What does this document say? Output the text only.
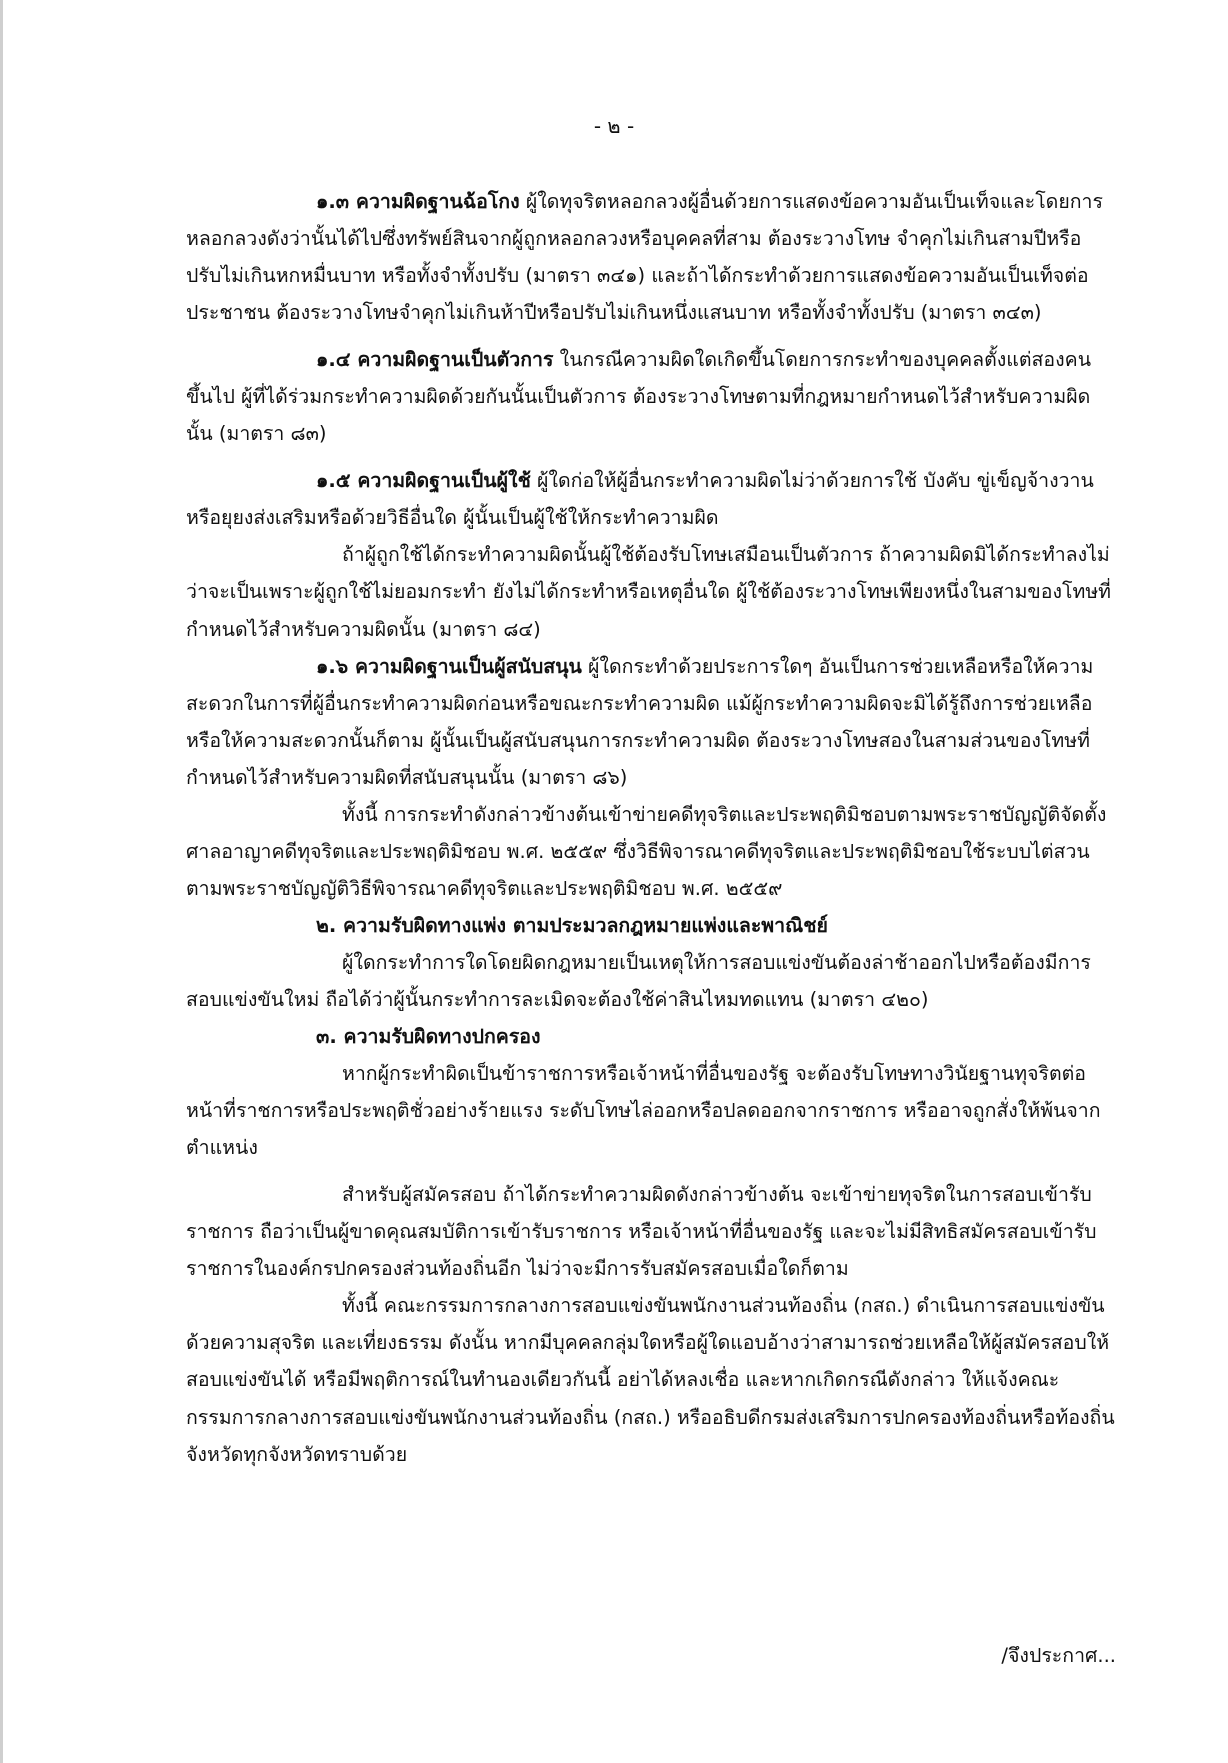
- ๒ -

๑.๓ ความผิดฐานฉ้อโกง ผู้ใดทุจริตหลอกลวงผู้อื่นด้วยการแสดงข้อความอันเป็นเท็จและโดยการหลอกลวงดังว่านั้นได้ไปซึ่งทรัพย์สินจากผู้ถูกหลอกลวงหรือบุคคลที่สาม ต้องระวางโทษ จำคุกไม่เกินสามปีหรือปรับไม่เกินหกหมื่นบาท หรือทั้งจำทั้งปรับ (มาตรา ๓๔๑) และถ้าได้กระทำด้วยการแสดงข้อความอันเป็นเท็จต่อประชาชน ต้องระวางโทษจำคุกไม่เกินห้าปีหรือปรับไม่เกินหนึ่งแสนบาท หรือทั้งจำทั้งปรับ (มาตรา ๓๔๓)

๑.๔ ความผิดฐานเป็นตัวการ ในกรณีความผิดใดเกิดขึ้นโดยการกระทำของบุคคลตั้งแต่สองคนขึ้นไป ผู้ที่ได้ร่วมกระทำความผิดด้วยกันนั้นเป็นตัวการ ต้องระวางโทษตามที่กฎหมายกำหนดไว้สำหรับความผิดนั้น (มาตรา ๘๓)

๑.๕ ความผิดฐานเป็นผู้ใช้ ผู้ใดก่อให้ผู้อื่นกระทำความผิดไม่ว่าด้วยการใช้ บังคับ ขู่เข็ญจ้างวานหรือยุยงส่งเสริมหรือด้วยวิธีอื่นใด ผู้นั้นเป็นผู้ใช้ให้กระทำความผิด

ถ้าผู้ถูกใช้ได้กระทำความผิดนั้นผู้ใช้ต้องรับโทษเสมือนเป็นตัวการ ถ้าความผิดมิได้กระทำลงไม่ว่าจะเป็นเพราะผู้ถูกใช้ไม่ยอมกระทำ ยังไม่ได้กระทำหรือเหตุอื่นใด ผู้ใช้ต้องระวางโทษเพียงหนึ่งในสามของโทษที่กำหนดไว้สำหรับความผิดนั้น (มาตรา ๘๔)

๑.๖ ความผิดฐานเป็นผู้สนับสนุน ผู้ใดกระทำด้วยประการใดๆ อันเป็นการช่วยเหลือหรือให้ความสะดวกในการที่ผู้อื่นกระทำความผิดก่อนหรือขณะกระทำความผิด แม้ผู้กระทำความผิดจะมิได้รู้ถึงการช่วยเหลือหรือให้ความสะดวกนั้นก็ตาม ผู้นั้นเป็นผู้สนับสนุนการกระทำความผิด ต้องระวางโทษสองในสามส่วนของโทษที่กำหนดไว้สำหรับความผิดที่สนับสนุนนั้น (มาตรา ๘๖)

ทั้งนี้ การกระทำดังกล่าวข้างต้นเข้าข่ายคดีทุจริตและประพฤติมิชอบตามพระราชบัญญัติจัดตั้งศาลอาญาคดีทุจริตและประพฤติมิชอบ พ.ศ. ๒๕๕๙ ซึ่งวิธีพิจารณาคดีทุจริตและประพฤติมิชอบใช้ระบบไต่สวนตามพระราชบัญญัติวิธีพิจารณาคดีทุจริตและประพฤติมิชอบ พ.ศ. ๒๕๕๙

๒. ความรับผิดทางแพ่ง ตามประมวลกฎหมายแพ่งและพาณิชย์

ผู้ใดกระทำการใดโดยผิดกฎหมายเป็นเหตุให้การสอบแข่งขันต้องล่าช้าออกไปหรือต้องมีการสอบแข่งขันใหม่ ถือได้ว่าผู้นั้นกระทำการละเมิดจะต้องใช้ค่าสินไหมทดแทน (มาตรา ๔๒๐)

๓. ความรับผิดทางปกครอง

หากผู้กระทำผิดเป็นข้าราชการหรือเจ้าหน้าที่อื่นของรัฐ จะต้องรับโทษทางวินัยฐานทุจริตต่อหน้าที่ราชการหรือประพฤติชั่วอย่างร้ายแรง ระดับโทษไล่ออกหรือปลดออกจากราชการ หรืออาจถูกสั่งให้พ้นจากตำแหน่ง

สำหรับผู้สมัครสอบ ถ้าได้กระทำความผิดดังกล่าวข้างต้น จะเข้าข่ายทุจริตในการสอบเข้ารับราชการ ถือว่าเป็นผู้ขาดคุณสมบัติการเข้ารับราชการ หรือเจ้าหน้าที่อื่นของรัฐ และจะไม่มีสิทธิสมัครสอบเข้ารับราชการในองค์กรปกครองส่วนท้องถิ่นอีก ไม่ว่าจะมีการรับสมัครสอบเมื่อใดก็ตาม

ทั้งนี้ คณะกรรมการกลางการสอบแข่งขันพนักงานส่วนท้องถิ่น (กสถ.) ดำเนินการสอบแข่งขัน ด้วยความสุจริต และเที่ยงธรรม ดังนั้น หากมีบุคคลกลุ่มใดหรือผู้ใดแอบอ้างว่าสามารถช่วยเหลือให้ผู้สมัครสอบให้สอบแข่งขันได้ หรือมีพฤติการณ์ในทำนองเดียวกันนี้ อย่าได้หลงเชื่อ และหากเกิดกรณีดังกล่าว ให้แจ้งคณะกรรมการกลางการสอบแข่งขันพนักงานส่วนท้องถิ่น (กสถ.) หรืออธิบดีกรมส่งเสริมการปกครองท้องถิ่นหรือท้องถิ่นจังหวัดทุกจังหวัดทราบด้วย

/จึงประกาศ...
